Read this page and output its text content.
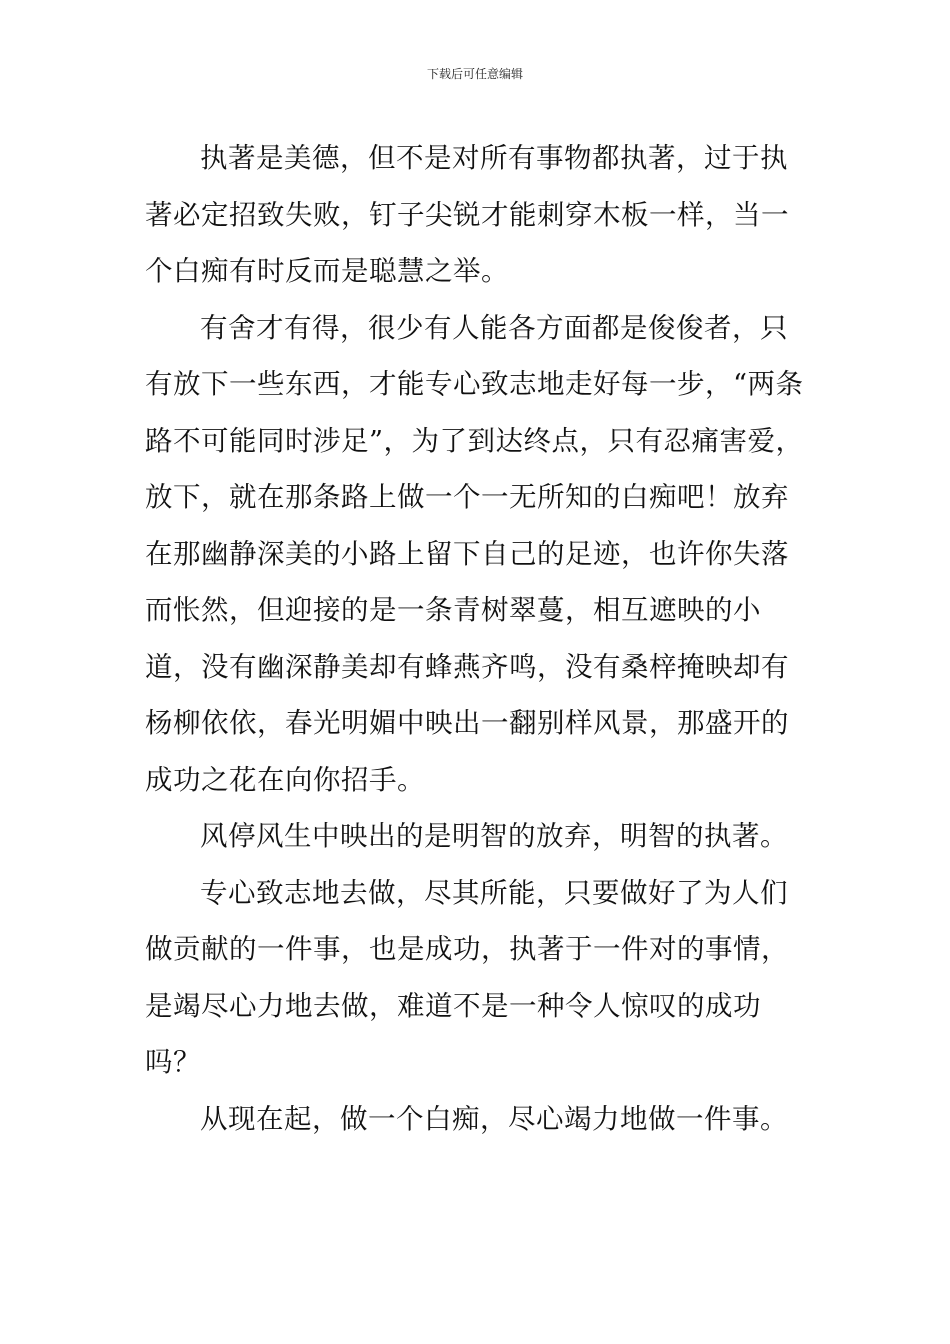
下载后可任意编辑

执著是美德，但不是对所有事物都执著，过于执著必定招致失败，钉子尖锐才能刺穿木板一样，当一个白痴有时反而是聪慧之举。

有舍才有得，很少有人能各方面都是俊俊者，只有放下一些东西，才能专心致志地走好每一步，“两条路不可能同时涉足”，为了到达终点，只有忍痛害爱，放下，就在那条路上做一个一无所知的白痴吧！放弃在那幽静深美的小路上留下自己的足迹，也许你失落而怅然，但迎接的是一条青树翠蔓，相互遮映的小道，没有幽深静美却有蜂燕齐鸣，没有桑梓掩映却有杨柳依依，春光明媚中映出一翻别样风景，那盛开的成功之花在向你招手。

风停风生中映出的是明智的放弃，明智的执著。

专心致志地去做，尽其所能，只要做好了为人们做贡献的一件事，也是成功，执著于一件对的事情，是竭尽心力地去做，难道不是一种令人惊叹的成功吗？

从现在起，做一个白痴，尽心竭力地做一件事。
